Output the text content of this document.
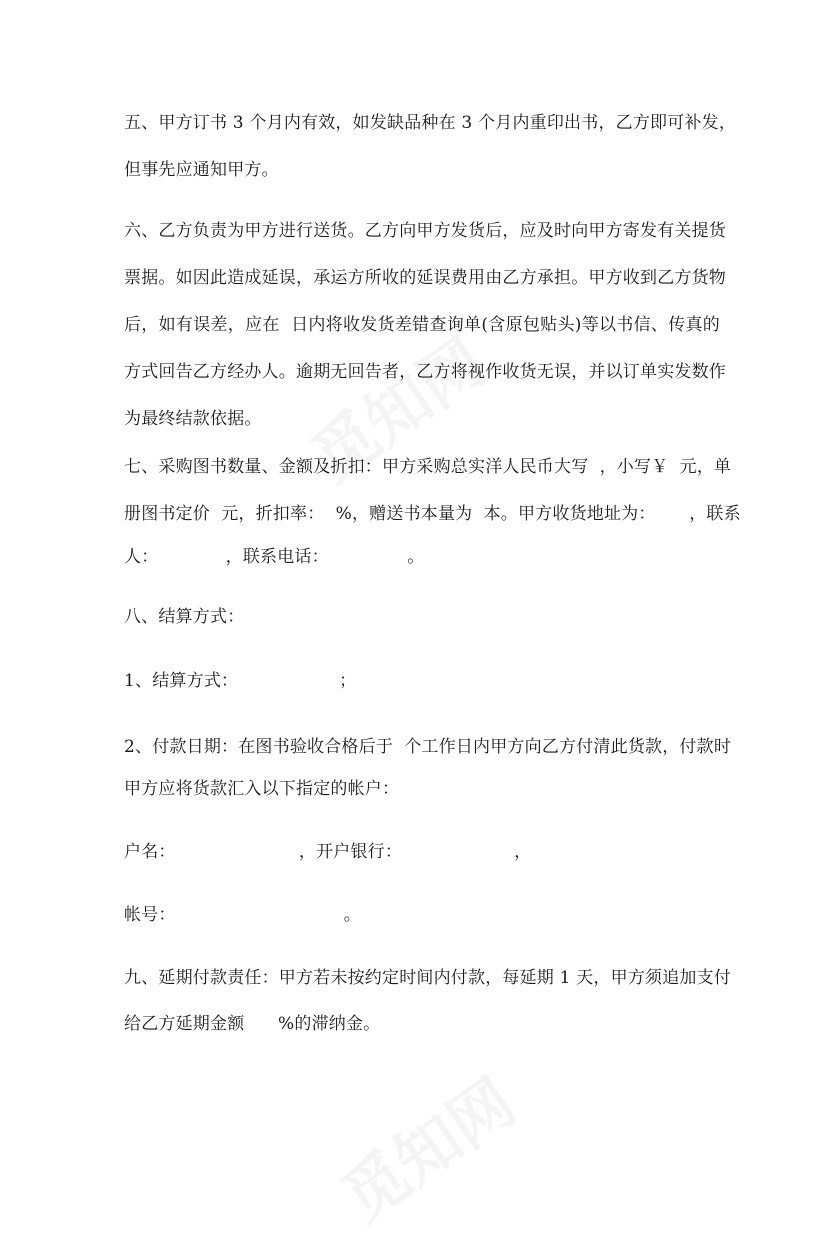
五、甲方订书 3 个月内有效，如发缺品种在 3 个月内重印出书，乙方即可补发，
但事先应通知甲方。
六、乙方负责为甲方进行送货。乙方向甲方发货后，应及时向甲方寄发有关提货
票据。如因此造成延误，承运方所收的延误费用由乙方承担。甲方收到乙方货物
后，如有误差，应在  日内将收发货差错查询单(含原包贴头)等以书信、传真的
方式回告乙方经办人。逾期无回告者，乙方将视作收货无误，并以订单实发数作
为最终结款依据。
七、采购图书数量、金额及折扣：甲方采购总实洋人民币大写  ，小写￥  元，单
册图书定价  元，折扣率：  %，赠送书本量为  本。甲方收货地址为：      ，联系
人：            ，联系电话：              。
八、结算方式：
1、结算方式：                  ；
2、付款日期：在图书验收合格后于  个工作日内甲方向乙方付清此货款，付款时
甲方应将货款汇入以下指定的帐户：
户名：                      ，开户银行：                    ，
帐号：                              。
九、延期付款责任：甲方若未按约定时间内付款，每延期 1 天，甲方须追加支付
给乙方延期金额      %的滞纳金。
